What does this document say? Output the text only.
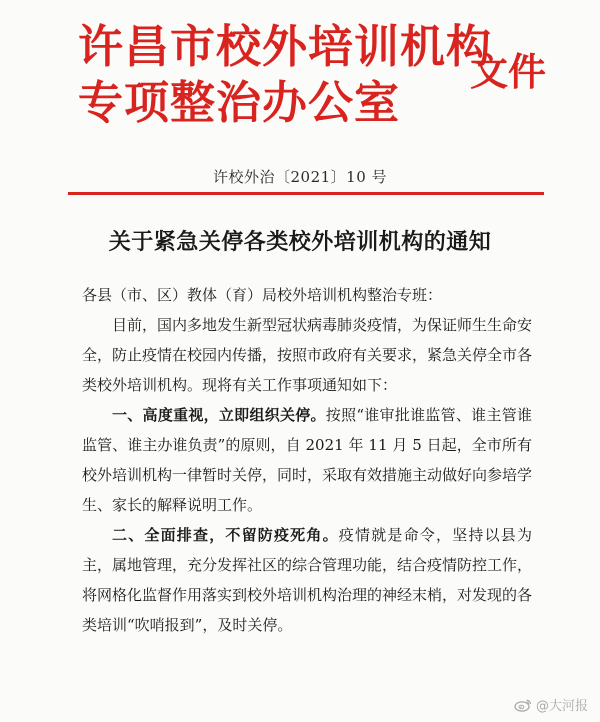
许昌市校外培训机构
专项整治办公室
文件
许校外治〔2021〕10 号
关于紧急关停各类校外培训机构的通知

各县（市、区）教体（育）局校外培训机构整治专班：

目前，国内多地发生新型冠状病毒肺炎疫情，为保证师生生命安全，防止疫情在校园内传播，按照市政府有关要求，紧急关停全市各类校外培训机构。现将有关工作事项通知如下：

一、高度重视，立即组织关停。按照“谁审批谁监管、谁主管谁监管、谁主办谁负责”的原则，自 2021 年 11 月 5 日起，全市所有校外培训机构一律暂时关停，同时，采取有效措施主动做好向参培学生、家长的解释说明工作。

二、全面排查，不留防疫死角。疫情就是命令，坚持以县为主，属地管理，充分发挥社区的综合管理功能，结合疫情防控工作，将网格化监督作用落实到校外培训机构治理的神经末梢，对发现的各类培训“吹哨报到”，及时关停。

@大河报
